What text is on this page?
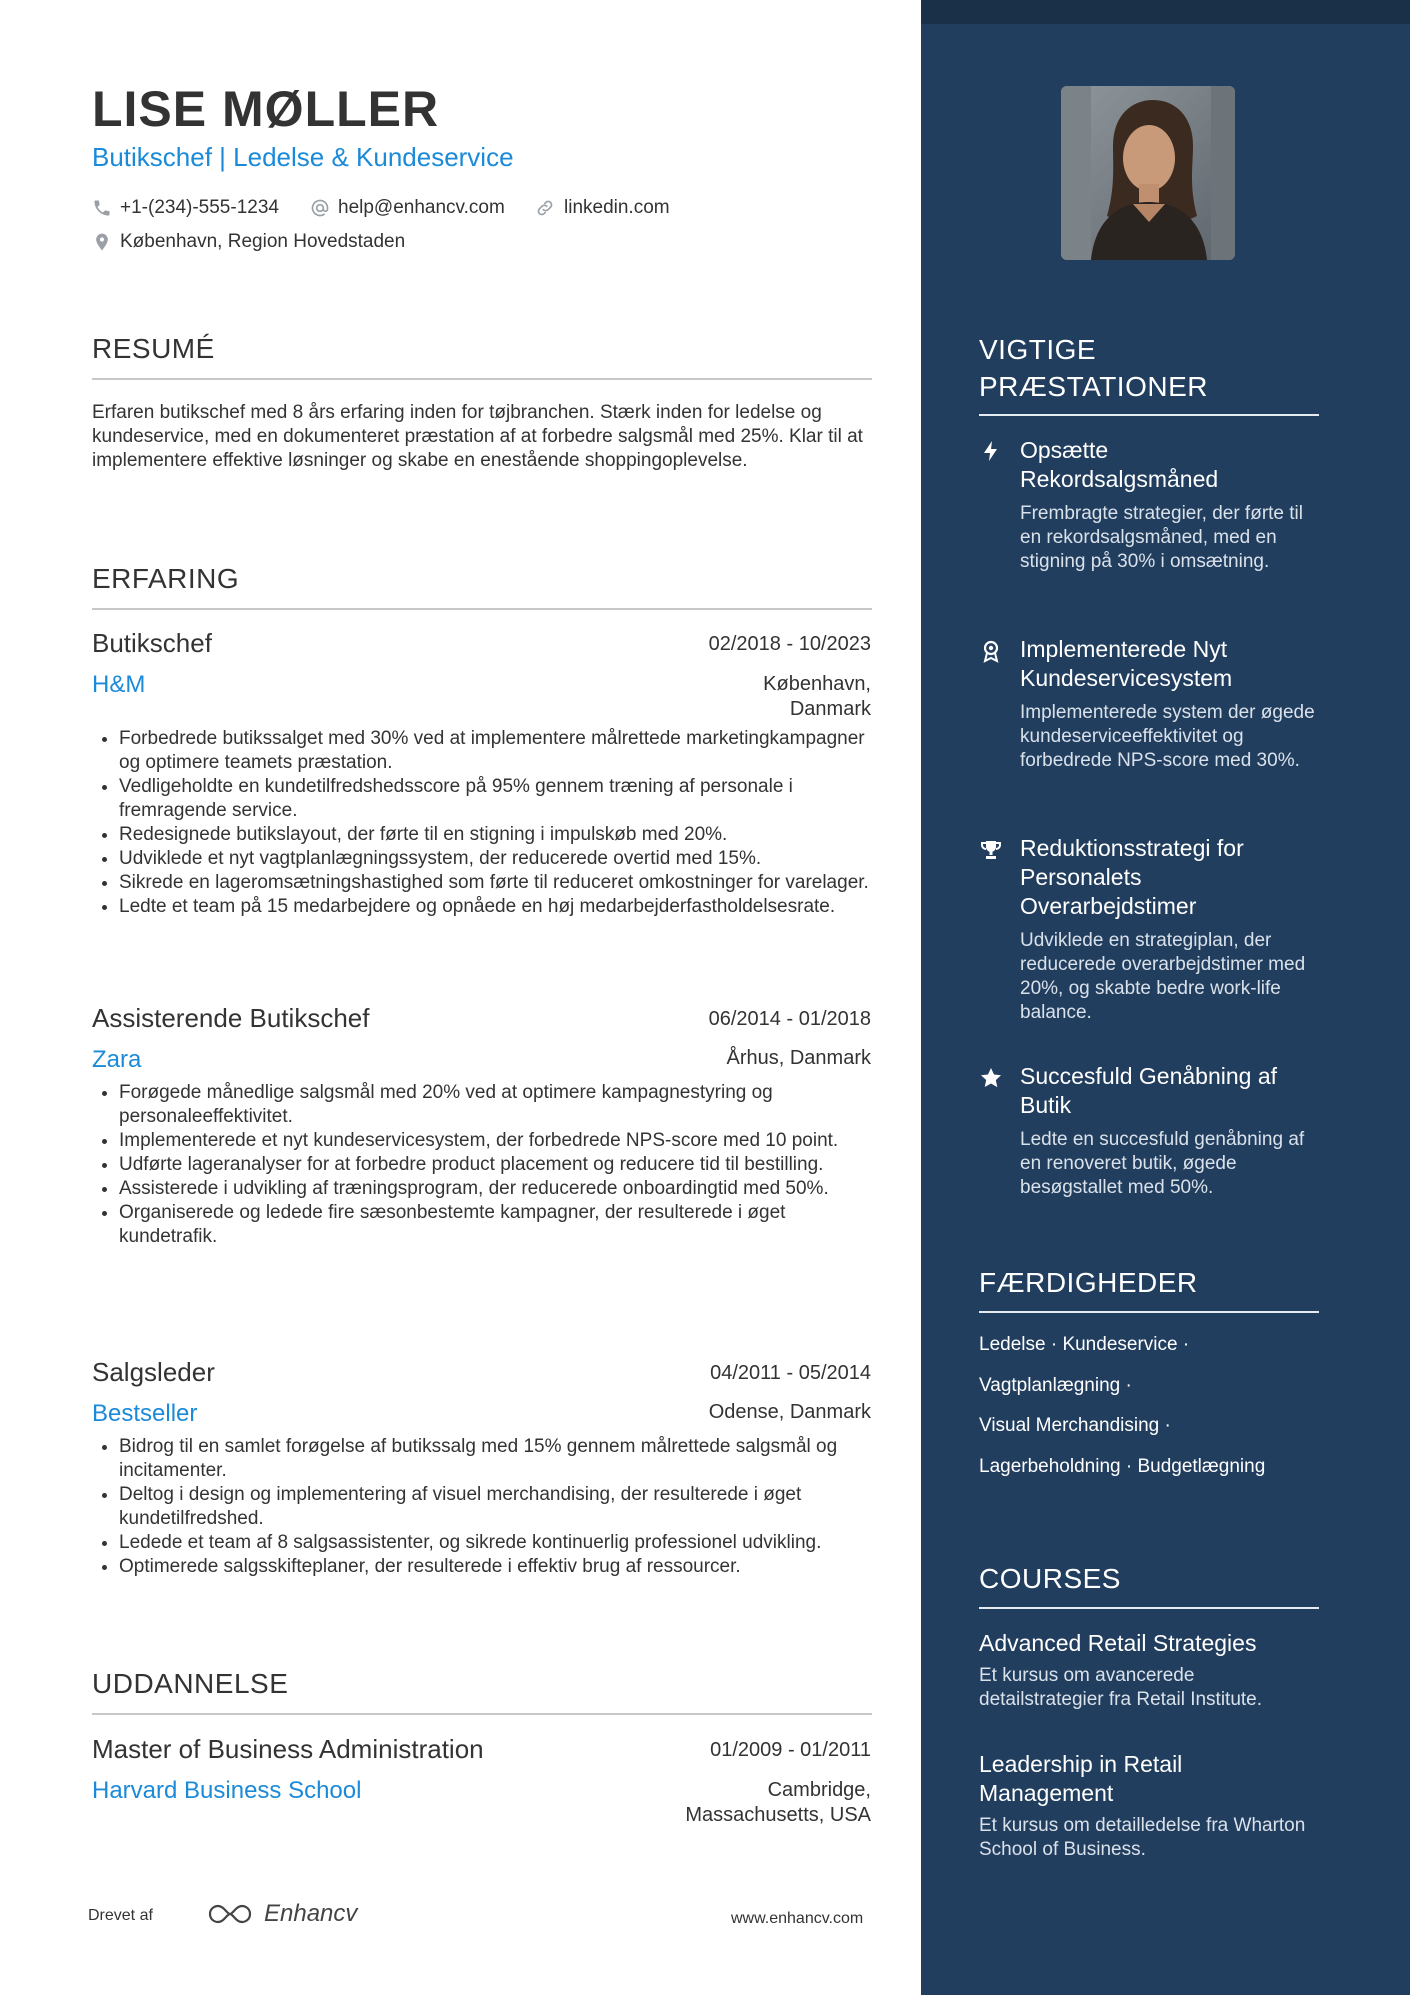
LISE MØLLER
Butikschef | Ledelse & Kundeservice
+1-(234)-555-1234	help@enhancv.com	linkedin.com
København, Region Hovedstaden
RESUMÉ
Erfaren butikschef med 8 års erfaring inden for tøjbranchen. Stærk inden for ledelse og kundeservice, med en dokumenteret præstation af at forbedre salgsmål med 25%. Klar til at implementere effektive løsninger og skabe en enestående shoppingoplevelse.
ERFARING
Butikschef	02/2018 - 10/2023
H&M	København,
Danmark
• Forbedrede butikssalget med 30% ved at implementere målrettede marketingkampagner og optimere teamets præstation.
• Vedligeholdte en kundetilfredshedsscore på 95% gennem træning af personale i fremragende service.
• Redesignede butikslayout, der førte til en stigning i impulskøb med 20%.
• Udviklede et nyt vagtplanlægningssystem, der reducerede overtid med 15%.
• Sikrede en lageromsætningshastighed som førte til reduceret omkostninger for varelager.
• Ledte et team på 15 medarbejdere og opnåede en høj medarbejderfastholdelsesrate.
Assisterende Butikschef	06/2014 - 01/2018
Zara	Århus, Danmark
• Forøgede månedlige salgsmål med 20% ved at optimere kampagnestyring og personaleeffektivitet.
• Implementerede et nyt kundeservicesystem, der forbedrede NPS-score med 10 point.
• Udførte lageranalyser for at forbedre product placement og reducere tid til bestilling.
• Assisterede i udvikling af træningsprogram, der reducerede onboardingtid med 50%.
• Organiserede og ledede fire sæsonbestemte kampagner, der resulterede i øget kundetrafik.
Salgsleder	04/2011 - 05/2014
Bestseller	Odense, Danmark
• Bidrog til en samlet forøgelse af butikssalg med 15% gennem målrettede salgsmål og incitamenter.
• Deltog i design og implementering af visuel merchandising, der resulterede i øget kundetilfredshed.
• Ledede et team af 8 salgsassistenter, og sikrede kontinuerlig professionel udvikling.
• Optimerede salgsskifteplaner, der resulterede i effektiv brug af ressourcer.
UDDANNELSE
Master of Business Administration	01/2009 - 01/2011
Harvard Business School	Cambridge,
Massachusetts, USA
Drevet af	Enhancv	www.enhancv.com
VIGTIGE
PRÆSTATIONER
Opsætte
Rekordsalgsmåned
Frembragte strategier, der førte til en rekordsalgsmåned, med en stigning på 30% i omsætning.
Implementerede Nyt
Kundeservicesystem
Implementerede system der øgede kundeserviceeffektivitet og forbedrede NPS-score med 30%.
Reduktionsstrategi for
Personalets
Overarbejdstimer
Udviklede en strategiplan, der reducerede overarbejdstimer med 20%, og skabte bedre work-life balance.
Succesfuld Genåbning af
Butik
Ledte en succesfuld genåbning af en renoveret butik, øgede besøgstallet med 50%.
FÆRDIGHEDER
Ledelse · Kundeservice ·
Vagtplanlægning ·
Visual Merchandising ·
Lagerbeholdning · Budgetlægning
COURSES
Advanced Retail Strategies
Et kursus om avancerede detailstrategier fra Retail Institute.
Leadership in Retail
Management
Et kursus om detailledelse fra Wharton School of Business.
